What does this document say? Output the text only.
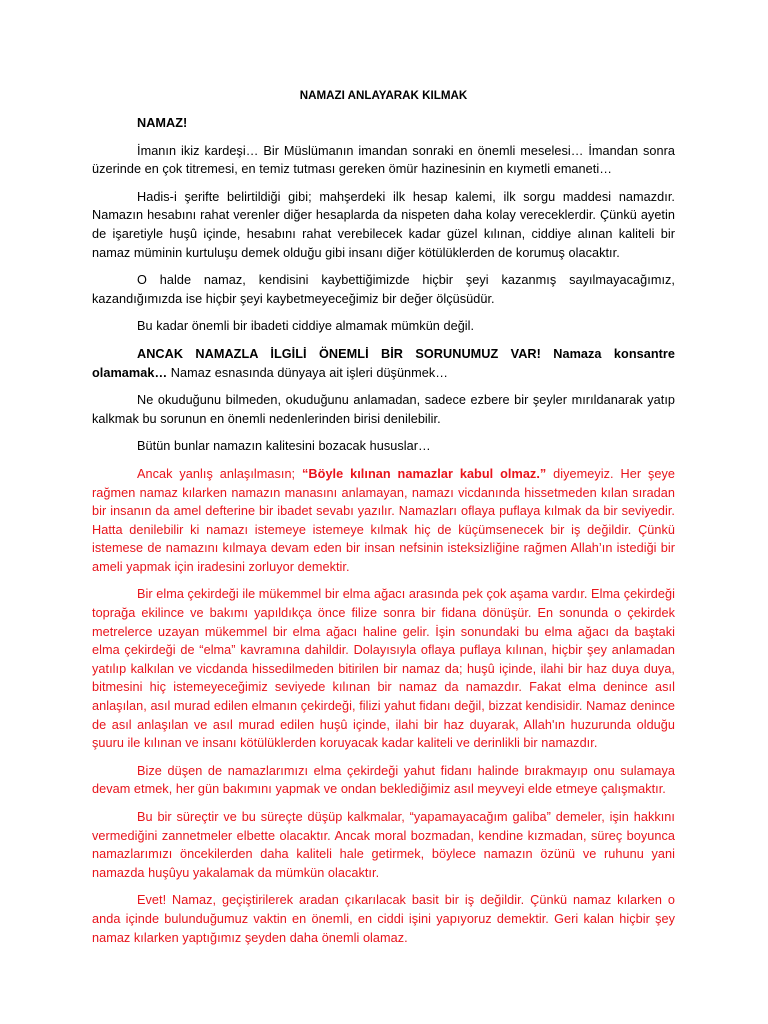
NAMAZI ANLAYARAK KILMAK

NAMAZ!

İmanın ikiz kardeşi… Bir Müslümanın imandan sonraki en önemli meselesi… İmandan sonra üzerinde en çok titremesi, en temiz tutması gereken ömür hazinesinin en kıymetli emaneti…

Hadis-i şerifte belirtildiği gibi; mahşerdeki ilk hesap kalemi, ilk sorgu maddesi namazdır. Namazın hesabını rahat verenler diğer hesaplarda da nispeten daha kolay vereceklerdir. Çünkü ayetin de işaretiyle huşû içinde, hesabını rahat verebilecek kadar güzel kılınan, ciddiye alınan kaliteli bir namaz müminin kurtuluşu demek olduğu gibi insanı diğer kötülüklerden de korumuş olacaktır.

O halde namaz, kendisini kaybettiğimizde hiçbir şeyi kazanmış sayılmayacağımız, kazandığımızda ise hiçbir şeyi kaybetmeyeceğimiz bir değer ölçüsüdür.

Bu kadar önemli bir ibadeti ciddiye almamak mümkün değil.

ANCAK NAMAZLA İLGİLİ ÖNEMLİ BİR SORUNUMUZ VAR! Namaza konsantre olamamak… Namaz esnasında dünyaya ait işleri düşünmek…

Ne okuduğunu bilmeden, okuduğunu anlamadan, sadece ezbere bir şeyler mırıldanarak yatıp kalkmak bu sorunun en önemli nedenlerinden birisi denilebilir.

Bütün bunlar namazın kalitesini bozacak hususlar…

Ancak yanlış anlaşılmasın; “Böyle kılınan namazlar kabul olmaz.” diyemeyiz. Her şeye rağmen namaz kılarken namazın manasını anlamayan, namazı vicdanında hissetmeden kılan sıradan bir insanın da amel defterine bir ibadet sevabı yazılır. Namazları oflaya puflaya kılmak da bir seviyedir. Hatta denilebilir ki namazı istemeye istemeye kılmak hiç de küçümsenecek bir iş değildir. Çünkü istemese de namazını kılmaya devam eden bir insan nefsinin isteksizliğine rağmen Allah’ın istediği bir ameli yapmak için iradesini zorluyor demektir.

Bir elma çekirdeği ile mükemmel bir elma ağacı arasında pek çok aşama vardır. Elma çekirdeği toprağa ekilince ve bakımı yapıldıkça önce filize sonra bir fidana dönüşür. En sonunda o çekirdek metrelerce uzayan mükemmel bir elma ağacı haline gelir. İşin sonundaki bu elma ağacı da baştaki elma çekirdeği de “elma” kavramına dahildir. Dolayısıyla oflaya puflaya kılınan, hiçbir şey anlamadan yatılıp kalkılan ve vicdanda hissedilmeden bitirilen bir namaz da; huşû içinde, ilahi bir haz duya duya, bitmesini hiç istemeyeceğimiz seviyede kılınan bir namaz da namazdır. Fakat elma denince asıl anlaşılan, asıl murad edilen elmanın çekirdeği, filizi yahut fidanı değil, bizzat kendisidir. Namaz denince de asıl anlaşılan ve asıl murad edilen huşû içinde, ilahi bir haz duyarak, Allah'ın huzurunda olduğu şuuru ile kılınan ve insanı kötülüklerden koruyacak kadar kaliteli ve derinlikli bir namazdır.

Bize düşen de namazlarımızı elma çekirdeği yahut fidanı halinde bırakmayıp onu sulamaya devam etmek, her gün bakımını yapmak ve ondan beklediğimiz asıl meyveyi elde etmeye çalışmaktır.

Bu bir süreçtir ve bu süreçte düşüp kalkmalar, “yapamayacağım galiba” demeler, işin hakkını vermediğini zannetmeler elbette olacaktır. Ancak moral bozmadan, kendine kızmadan, süreç boyunca namazlarımızı öncekilerden daha kaliteli hale getirmek, böylece namazın özünü ve ruhunu yani namazda huşûyu yakalamak da mümkün olacaktır.

Evet! Namaz, geçiştirilerek aradan çıkarılacak basit bir iş değildir. Çünkü namaz kılarken o anda içinde bulunduğumuz vaktin en önemli, en ciddi işini yapıyoruz demektir. Geri kalan hiçbir şey namaz kılarken yaptığımız şeyden daha önemli olamaz.
